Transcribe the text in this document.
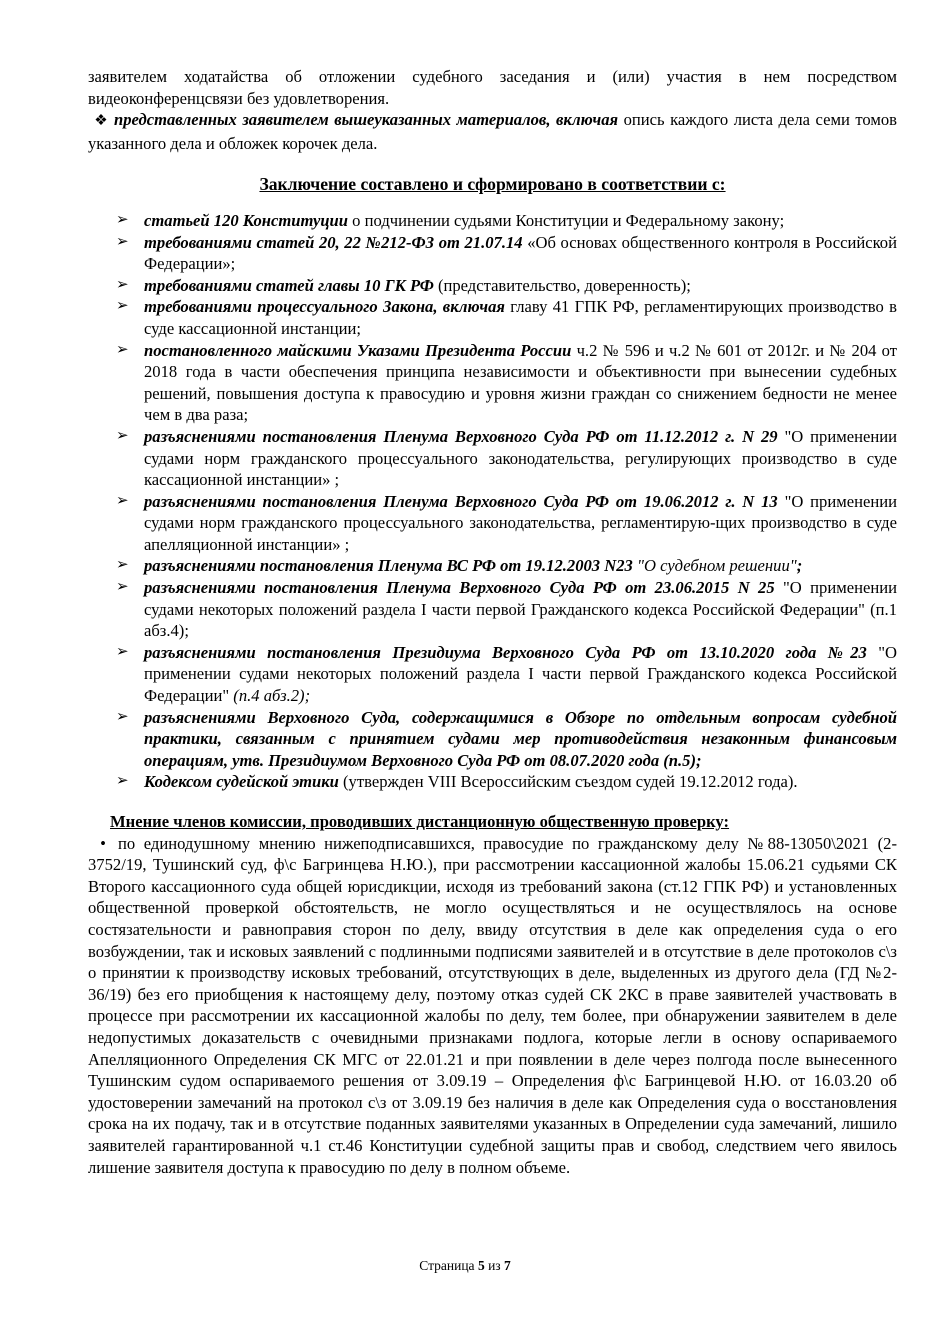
заявителем ходатайства об отложении судебного заседания и (или) участия в нем посредством видеоконференцсвязи без удовлетворения.

❖ представленных заявителем вышеуказанных материалов, включая опись каждого листа дела семи томов указанного дела и обложек корочек дела.

Заключение составлено и сформировано в соответствии с:
➢ статьей 120 Конституции о подчинении судьями Конституции и Федеральному закону;
➢ требованиями статей 20, 22 №212-ФЗ от 21.07.14 «Об основах общественного контроля в Российской Федерации»;
➢ требованиями статей главы 10 ГК РФ (представительство, доверенность);
➢ требованиями процессуального Закона, включая главу 41 ГПК РФ, регламентирующих производство в суде кассационной инстанции;
➢ постановленного майскими Указами Президента России ч.2 № 596 и ч.2 № 601 от 2012г. и № 204 от 2018 года в части обеспечения принципа независимости и объективности при вынесении судебных решений, повышения доступа к правосудию и уровня жизни граждан со снижением бедности не менее чем в два раза;
➢ разъяснениями постановления Пленума Верховного Суда РФ от 11.12.2012 г. N 29 "О применении судами норм гражданского процессуального законодательства, регулирующих производство в суде кассационной инстанции» ;
➢ разъяснениями постановления Пленума Верховного Суда РФ от 19.06.2012 г. N 13 "О применении судами норм гражданского процессуального законодательства, регламентирую-щих производство в суде апелляционной инстанции» ;
➢ разъяснениями постановления Пленума ВС РФ от 19.12.2003 N23 "О судебном решении";
➢ разъяснениями постановления Пленума Верховного Суда РФ от 23.06.2015 N 25 "О применении судами некоторых положений раздела I части первой Гражданского кодекса Российской Федерации" (п.1 абз.4);
➢ разъяснениями постановления Президиума Верховного Суда РФ от 13.10.2020 года №23 "О применении судами некоторых положений раздела I части первой Гражданского кодекса Российской Федерации" (п.4 абз.2);
➢ разъяснениями Верховного Суда, содержащимися в Обзоре по отдельным вопросам судебной практики, связанным с принятием судами мер противодействия незаконным финансовым операциям, утв. Президиумом Верховного Суда РФ от 08.07.2020 года (п.5);
➢ Кодексом судейской этики (утвержден VIII Всероссийским съездом судей 19.12.2012 года).
Мнение членов комиссии, проводивших дистанционную общественную проверку:

• по единодушному мнению нижеподписавшихся, правосудие по гражданскому делу №88-13050\2021 (2-3752/19, Тушинский суд, ф\с Багринцева Н.Ю.), при рассмотрении кассационной жалобы 15.06.21 судьями СК Второго кассационного суда общей юрисдикции, исходя из требований закона (ст.12 ГПК РФ) и установленных общественной проверкой обстоятельств, не могло осуществляться и не осуществлялось на основе состязательности и равноправия сторон по делу, ввиду отсутствия в деле как определения суда о его возбуждении, так и исковых заявлений с подлинными подписями заявителей и в отсутствие в деле протоколов с\з о принятии к производству исковых требований, отсутствующих в деле, выделенных из другого дела (ГД №2-36/19) без его приобщения к настоящему делу, поэтому отказ судей СК 2КС в праве заявителей участвовать в процессе при рассмотрении их кассационной жалобы по делу, тем более, при обнаружении заявителем в деле недопустимых доказательств с очевидными признаками подлога, которые легли в основу оспариваемого Апелляционного Определения СК МГС от 22.01.21 и при появлении в деле через полгода после вынесенного Тушинским судом оспариваемого решения от 3.09.19 – Определения ф\с Багринцевой Н.Ю. от 16.03.20 об удостоверении замечаний на протокол с\з от 3.09.19 без наличия в деле как Определения суда о восстановления срока на их подачу, так и в отсутствие поданных заявителями указанных в Определении суда замечаний, лишило заявителей гарантированной ч.1 ст.46 Конституции судебной защиты прав и свобод, следствием чего явилось лишение заявителя доступа к правосудию по делу в полном объеме.

Страница 5 из 7
